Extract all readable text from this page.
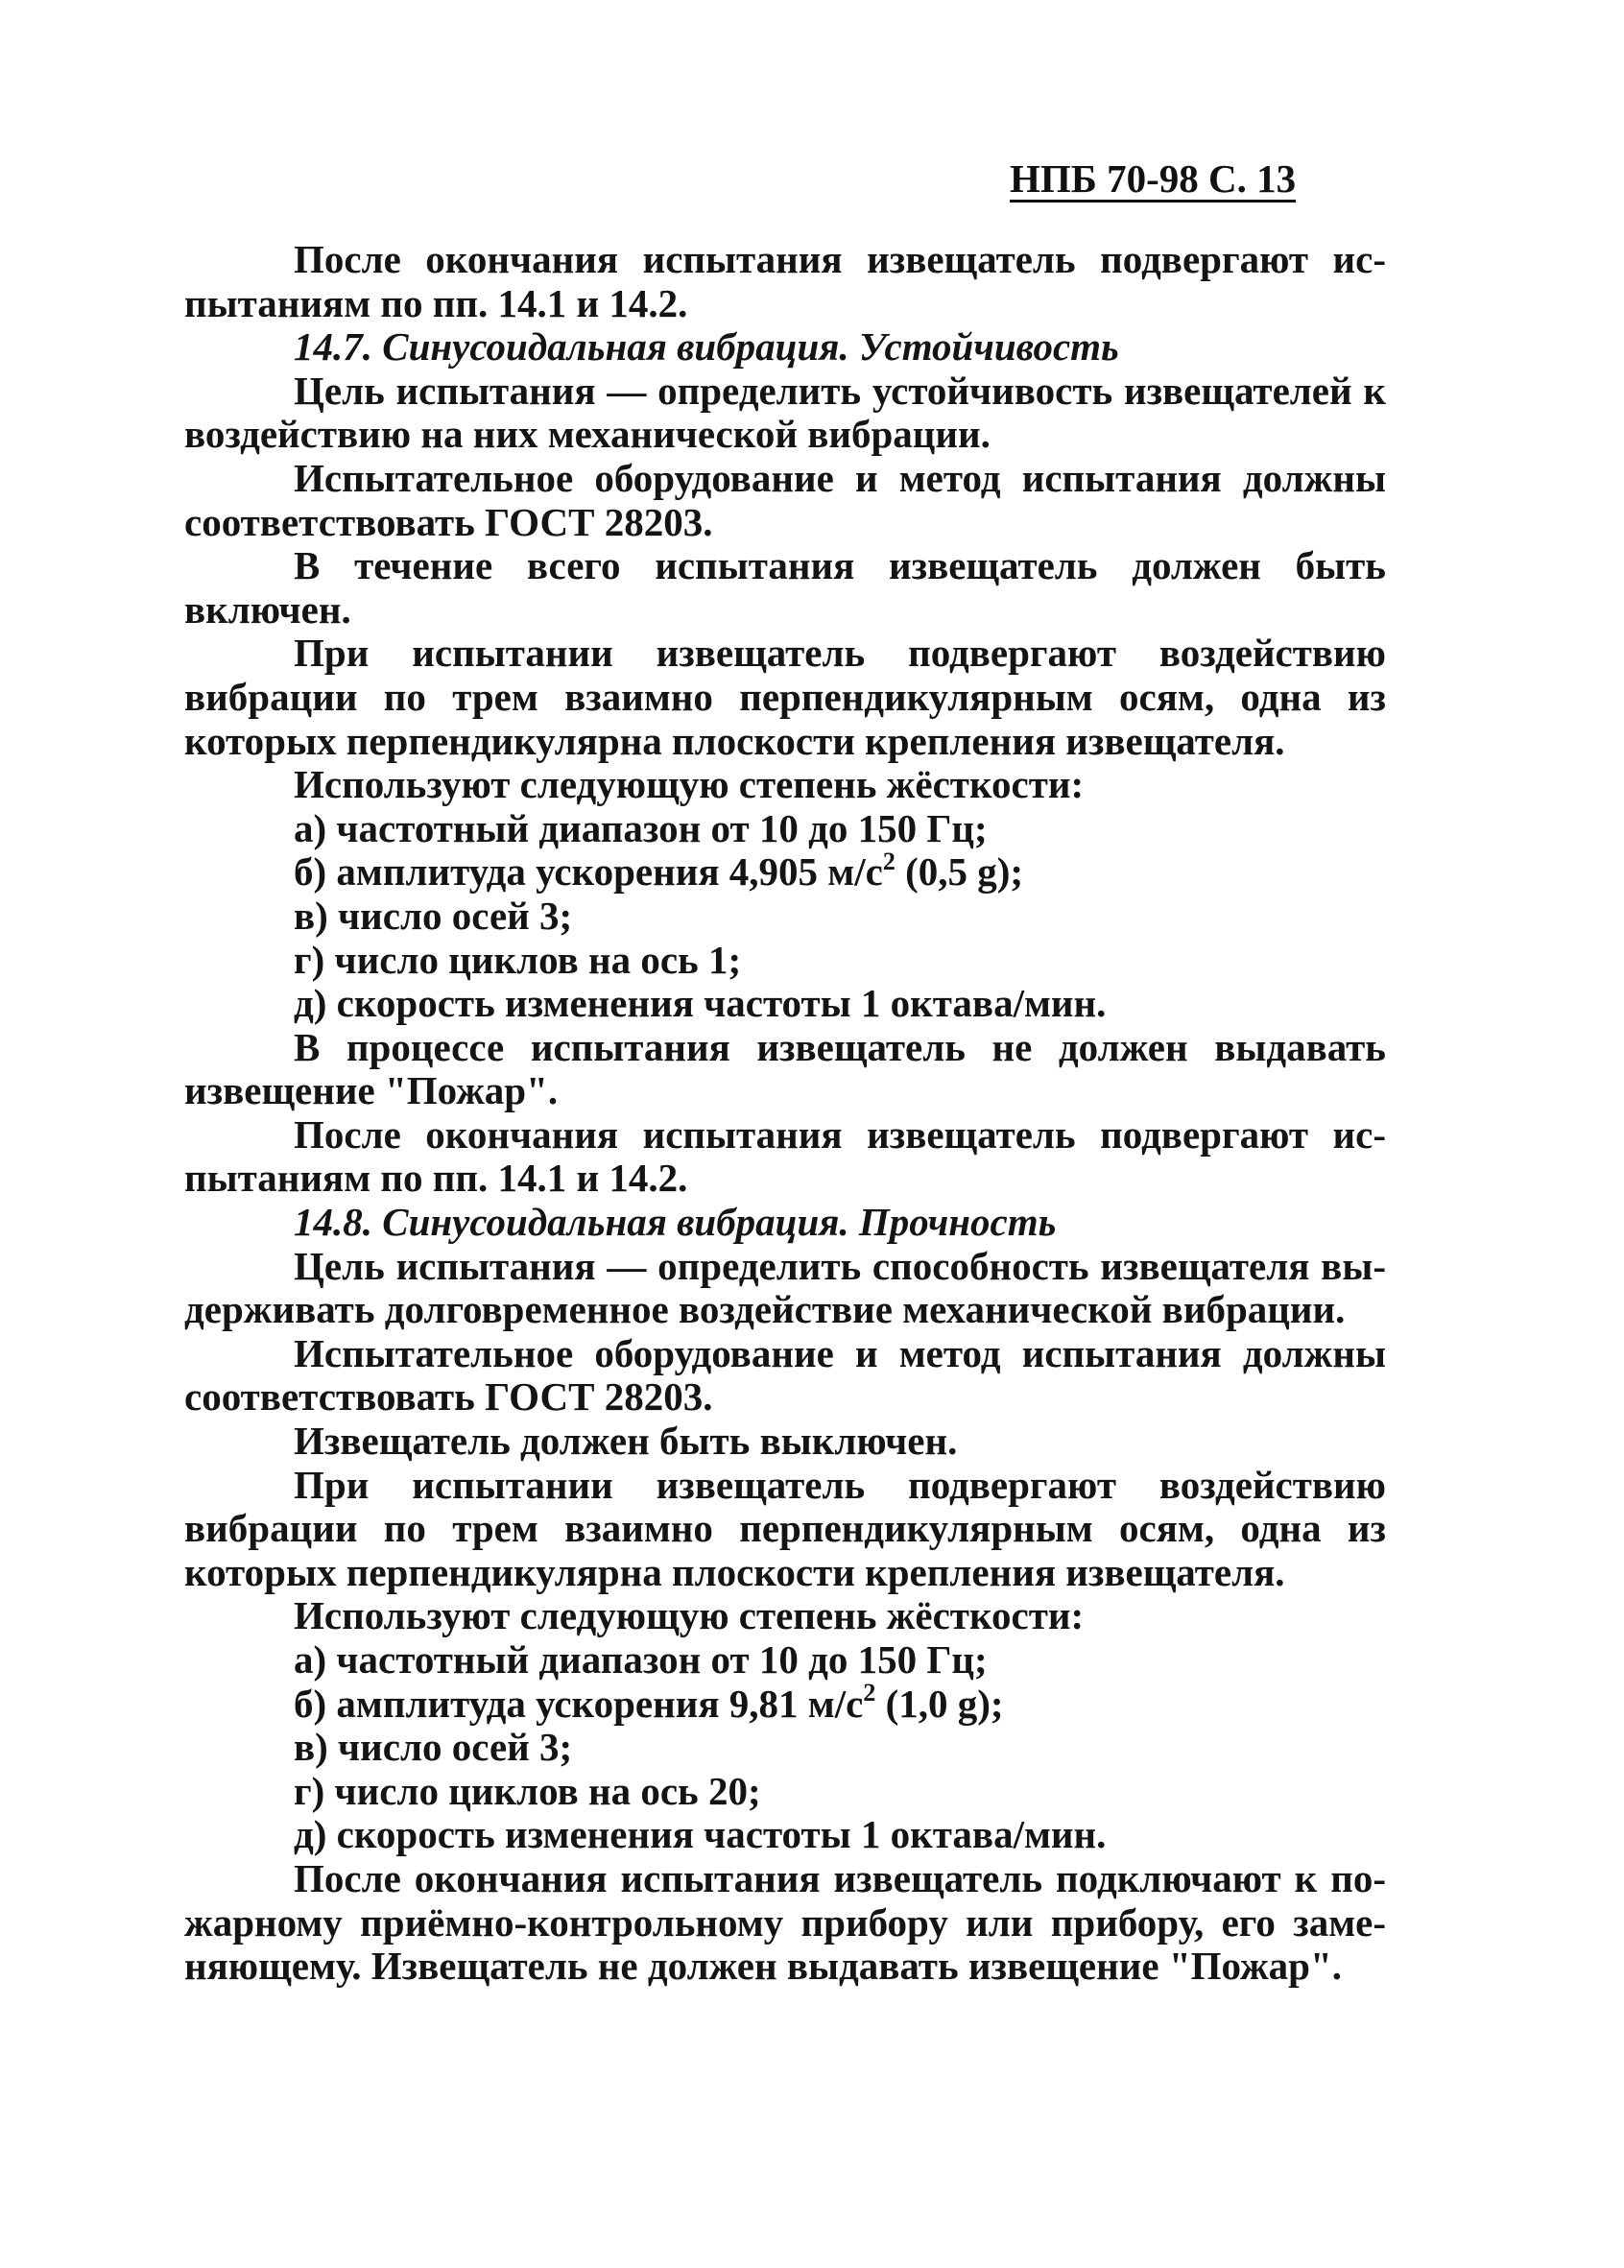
НПБ 70-98 С. 13

После окончания испытания извещатель подвергают ис-пытаниям по пп. 14.1 и 14.2.

14.7. Синусоидальная вибрация. Устойчивость

Цель испытания — определить устойчивость извещателей к воздействию на них механической вибрации.

Испытательное оборудование и метод испытания должны соответствовать ГОСТ 28203.

В течение всего испытания извещатель должен быть включен.

При испытании извещатель подвергают воздействию вибрации по трем взаимно перпендикулярным осям, одна из которых перпендикулярна плоскости крепления извещателя.

Используют следующую степень жёсткости:

а) частотный диапазон от 10 до 150 Гц;

б) амплитуда ускорения 4,905 $м/с^2$ (0,5 g);

в) число осей 3;

г) число циклов на ось 1;

д) скорость изменения частоты 1 октава/мин.

В процессе испытания извещатель не должен выдавать извещение "Пожар".

После окончания испытания извещатель подвергают ис-пытаниям по пп. 14.1 и 14.2.

14.8. Синусоидальная вибрация. Прочность

Цель испытания — определить способность извещателя вы-держивать долговременное воздействие механической вибрации.

Испытательное оборудование и метод испытания должны соответствовать ГОСТ 28203.

Извещатель должен быть выключен.

При испытании извещатель подвергают воздействию вибрации по трем взаимно перпендикулярным осям, одна из которых перпендикулярна плоскости крепления извещателя.

Используют следующую степень жёсткости:

а) частотный диапазон от 10 до 150 Гц;

б) амплитуда ускорения 9,81 $м/с^2$ (1,0 g);

в) число осей 3;

г) число циклов на ось 20;

д) скорость изменения частоты 1 октава/мин.

После окончания испытания извещатель подключают к по-жарному приёмно-контрольному прибору или прибору, его заме-няющему. Извещатель не должен выдавать извещение "Пожар".
